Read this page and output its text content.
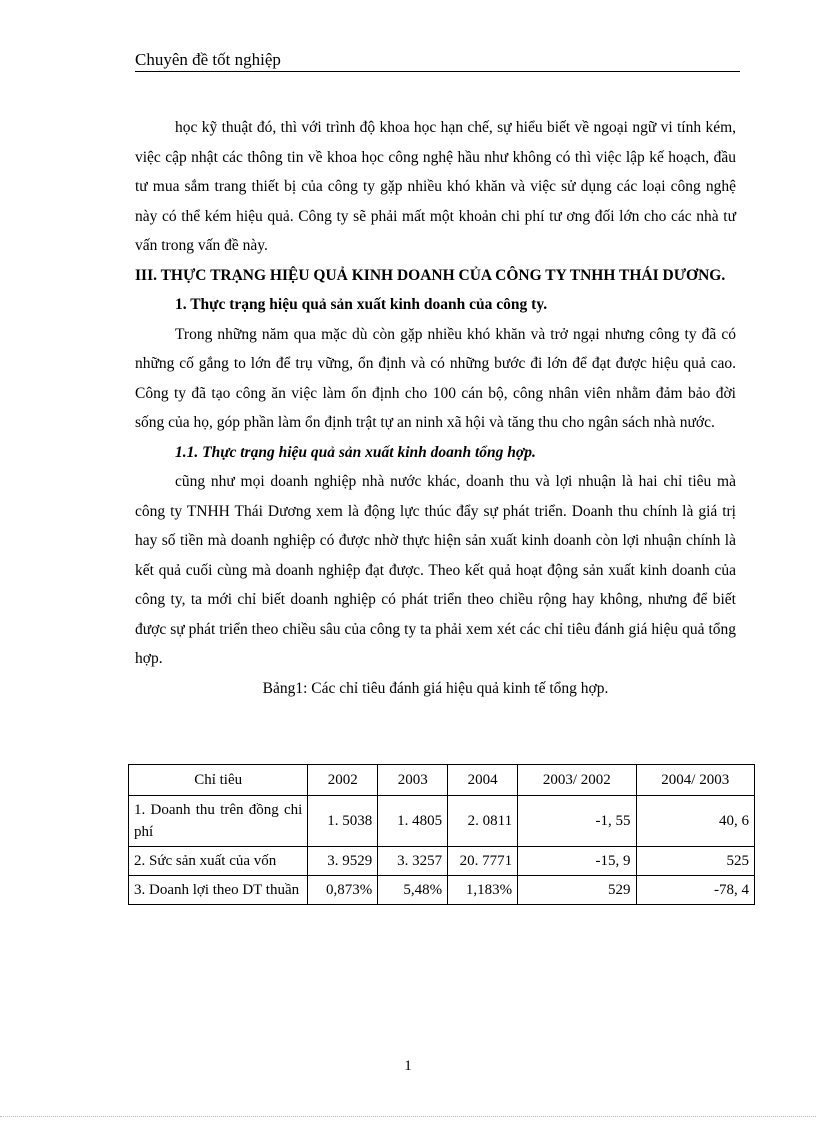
Chuyên đề tốt nghiệp

học kỹ thuật đó, thì với trình độ khoa học hạn chế, sự hiểu biết về ngoại ngữ vi tính kém, việc cập nhật các thông tin về khoa học công nghệ hầu như không có thì việc lập kế hoạch, đầu tư mua sắm trang thiết bị của công ty gặp nhiều khó khăn và việc sử dụng các loại công nghệ này có thể kém hiệu quả. Công ty sẽ phải mất một khoản chi phí tư ơng đối lớn cho các nhà tư vấn trong vấn đề này.

III. THỰC TRẠNG HIỆU QUẢ KINH DOANH CỦA CÔNG TY TNHH THÁI DƯƠNG.

1. Thực trạng hiệu quả sản xuất kinh doanh của công ty.

Trong những năm qua mặc dù còn gặp nhiều khó khăn và trở ngại nhưng công ty đã có những cố gắng to lớn để trụ vững, ổn định và có những bước đi lớn để đạt được hiệu quả cao. Công ty đã tạo công ăn việc làm ổn định cho 100 cán bộ, công nhân viên nhằm đảm bảo đời sống của họ, góp phần làm ổn định trật tự an ninh xã hội và tăng thu cho ngân sách nhà nước.

1.1. Thực trạng hiệu quả sản xuất kinh doanh tổng hợp.

cũng như mọi doanh nghiệp nhà nước khác, doanh thu và lợi nhuận là hai chỉ tiêu mà công ty TNHH Thái Dương xem là động lực thúc đẩy sự phát triển. Doanh thu chính là giá trị hay số tiền mà doanh nghiệp có được nhờ thực hiện sản xuất kinh doanh còn lợi nhuận chính là kết quả cuối cùng mà doanh nghiệp đạt được. Theo kết quả hoạt động sản xuất kinh doanh của công ty, ta mới chỉ biết doanh nghiệp có phát triển theo chiều rộng hay không, nhưng để biết được sự phát triển theo chiều sâu của công ty ta phải xem xét các chỉ tiêu đánh giá hiệu quả tổng hợp.

Bảng1: Các chỉ tiêu đánh giá hiệu quả kinh tế tổng hợp.

Chỉ tiêu	2002	2003	2004	2003/ 2002	2004/ 2003
1. Doanh thu trên đồng chi phí	1. 5038	1. 4805	2. 0811	-1, 55	40, 6
2. Sức sản xuất của vốn	3. 9529	3. 3257	20. 7771	-15, 9	525
3. Doanh lợi theo DT thuần	0,873%	5,48%	1,183%	529	-78, 4
1
